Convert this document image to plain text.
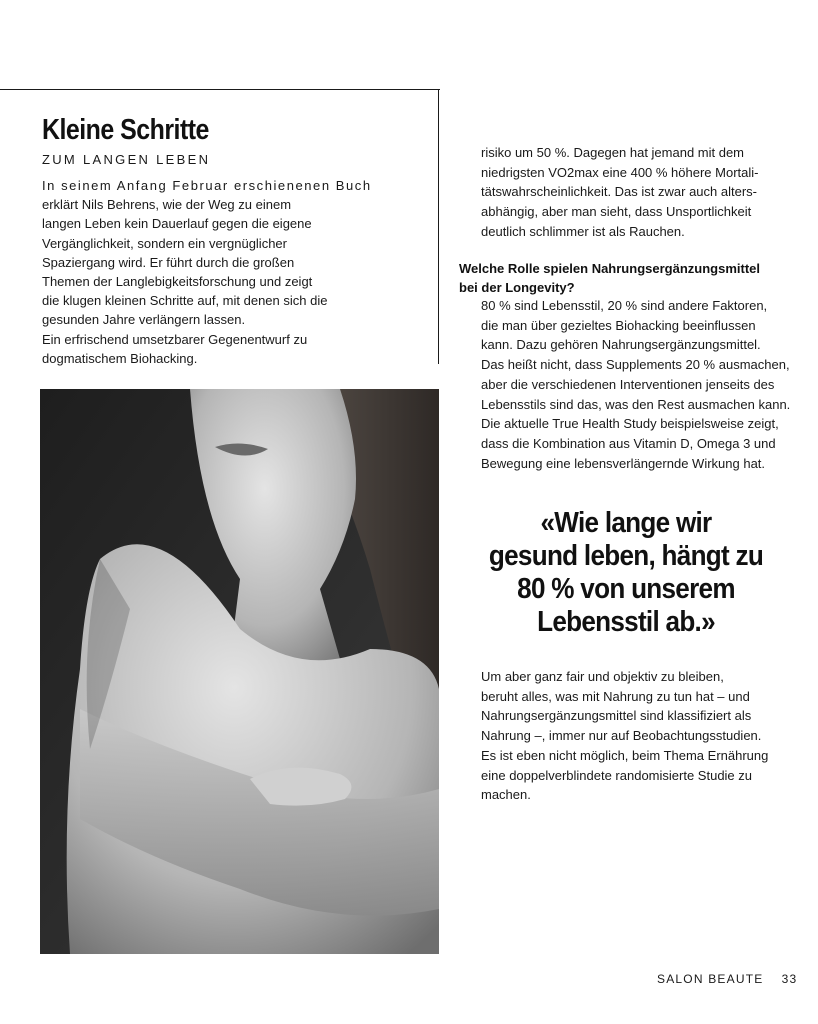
Kleine Schritte
ZUM LANGEN LEBEN
In seinem Anfang Februar erschienenen Buch
erklärt Nils Behrens, wie der Weg zu einem
langen Leben kein Dauerlauf gegen die eigene
Vergänglichkeit, sondern ein vergnüglicher
Spaziergang wird. Er führt durch die großen
Themen der Langlebigkeitsforschung und zeigt
die klugen kleinen Schritte auf, mit denen sich die
gesunden Jahre verlängern lassen.
Ein erfrischend umsetzbarer Gegenentwurf zu
dogmatischem Biohacking.
risiko um 50 %. Dagegen hat jemand mit dem
niedrigsten VO2max eine 400 % höhere Mortali-
tätswahrscheinlichkeit. Das ist zwar auch alters-
abhängig, aber man sieht, dass Unsportlichkeit
deutlich schlimmer ist als Rauchen.
Welche Rolle spielen Nahrungsergänzungsmittel
bei der Longevity?
80 % sind Lebensstil, 20 % sind andere Faktoren,
die man über gezieltes Biohacking beeinflussen
kann. Dazu gehören Nahrungsergänzungsmittel.
Das heißt nicht, dass Supplements 20 % ausmachen,
aber die verschiedenen Interventionen jenseits des
Lebensstils sind das, was den Rest ausmachen kann.
Die aktuelle True Health Study beispielsweise zeigt,
dass die Kombination aus Vitamin D, Omega 3 und
Bewegung eine lebensverlängernde Wirkung hat.
«Wie lange wir
gesund leben, hängt zu
80 % von unserem
Lebensstil ab.»
Um aber ganz fair und objektiv zu bleiben,
beruht alles, was mit Nahrung zu tun hat – und
Nahrungsergänzungsmittel sind klassifiziert als
Nahrung –, immer nur auf Beobachtungsstudien.
Es ist eben nicht möglich, beim Thema Ernährung
eine doppelverblindete randomisierte Studie zu
machen.
SALON BEAUTE 33
